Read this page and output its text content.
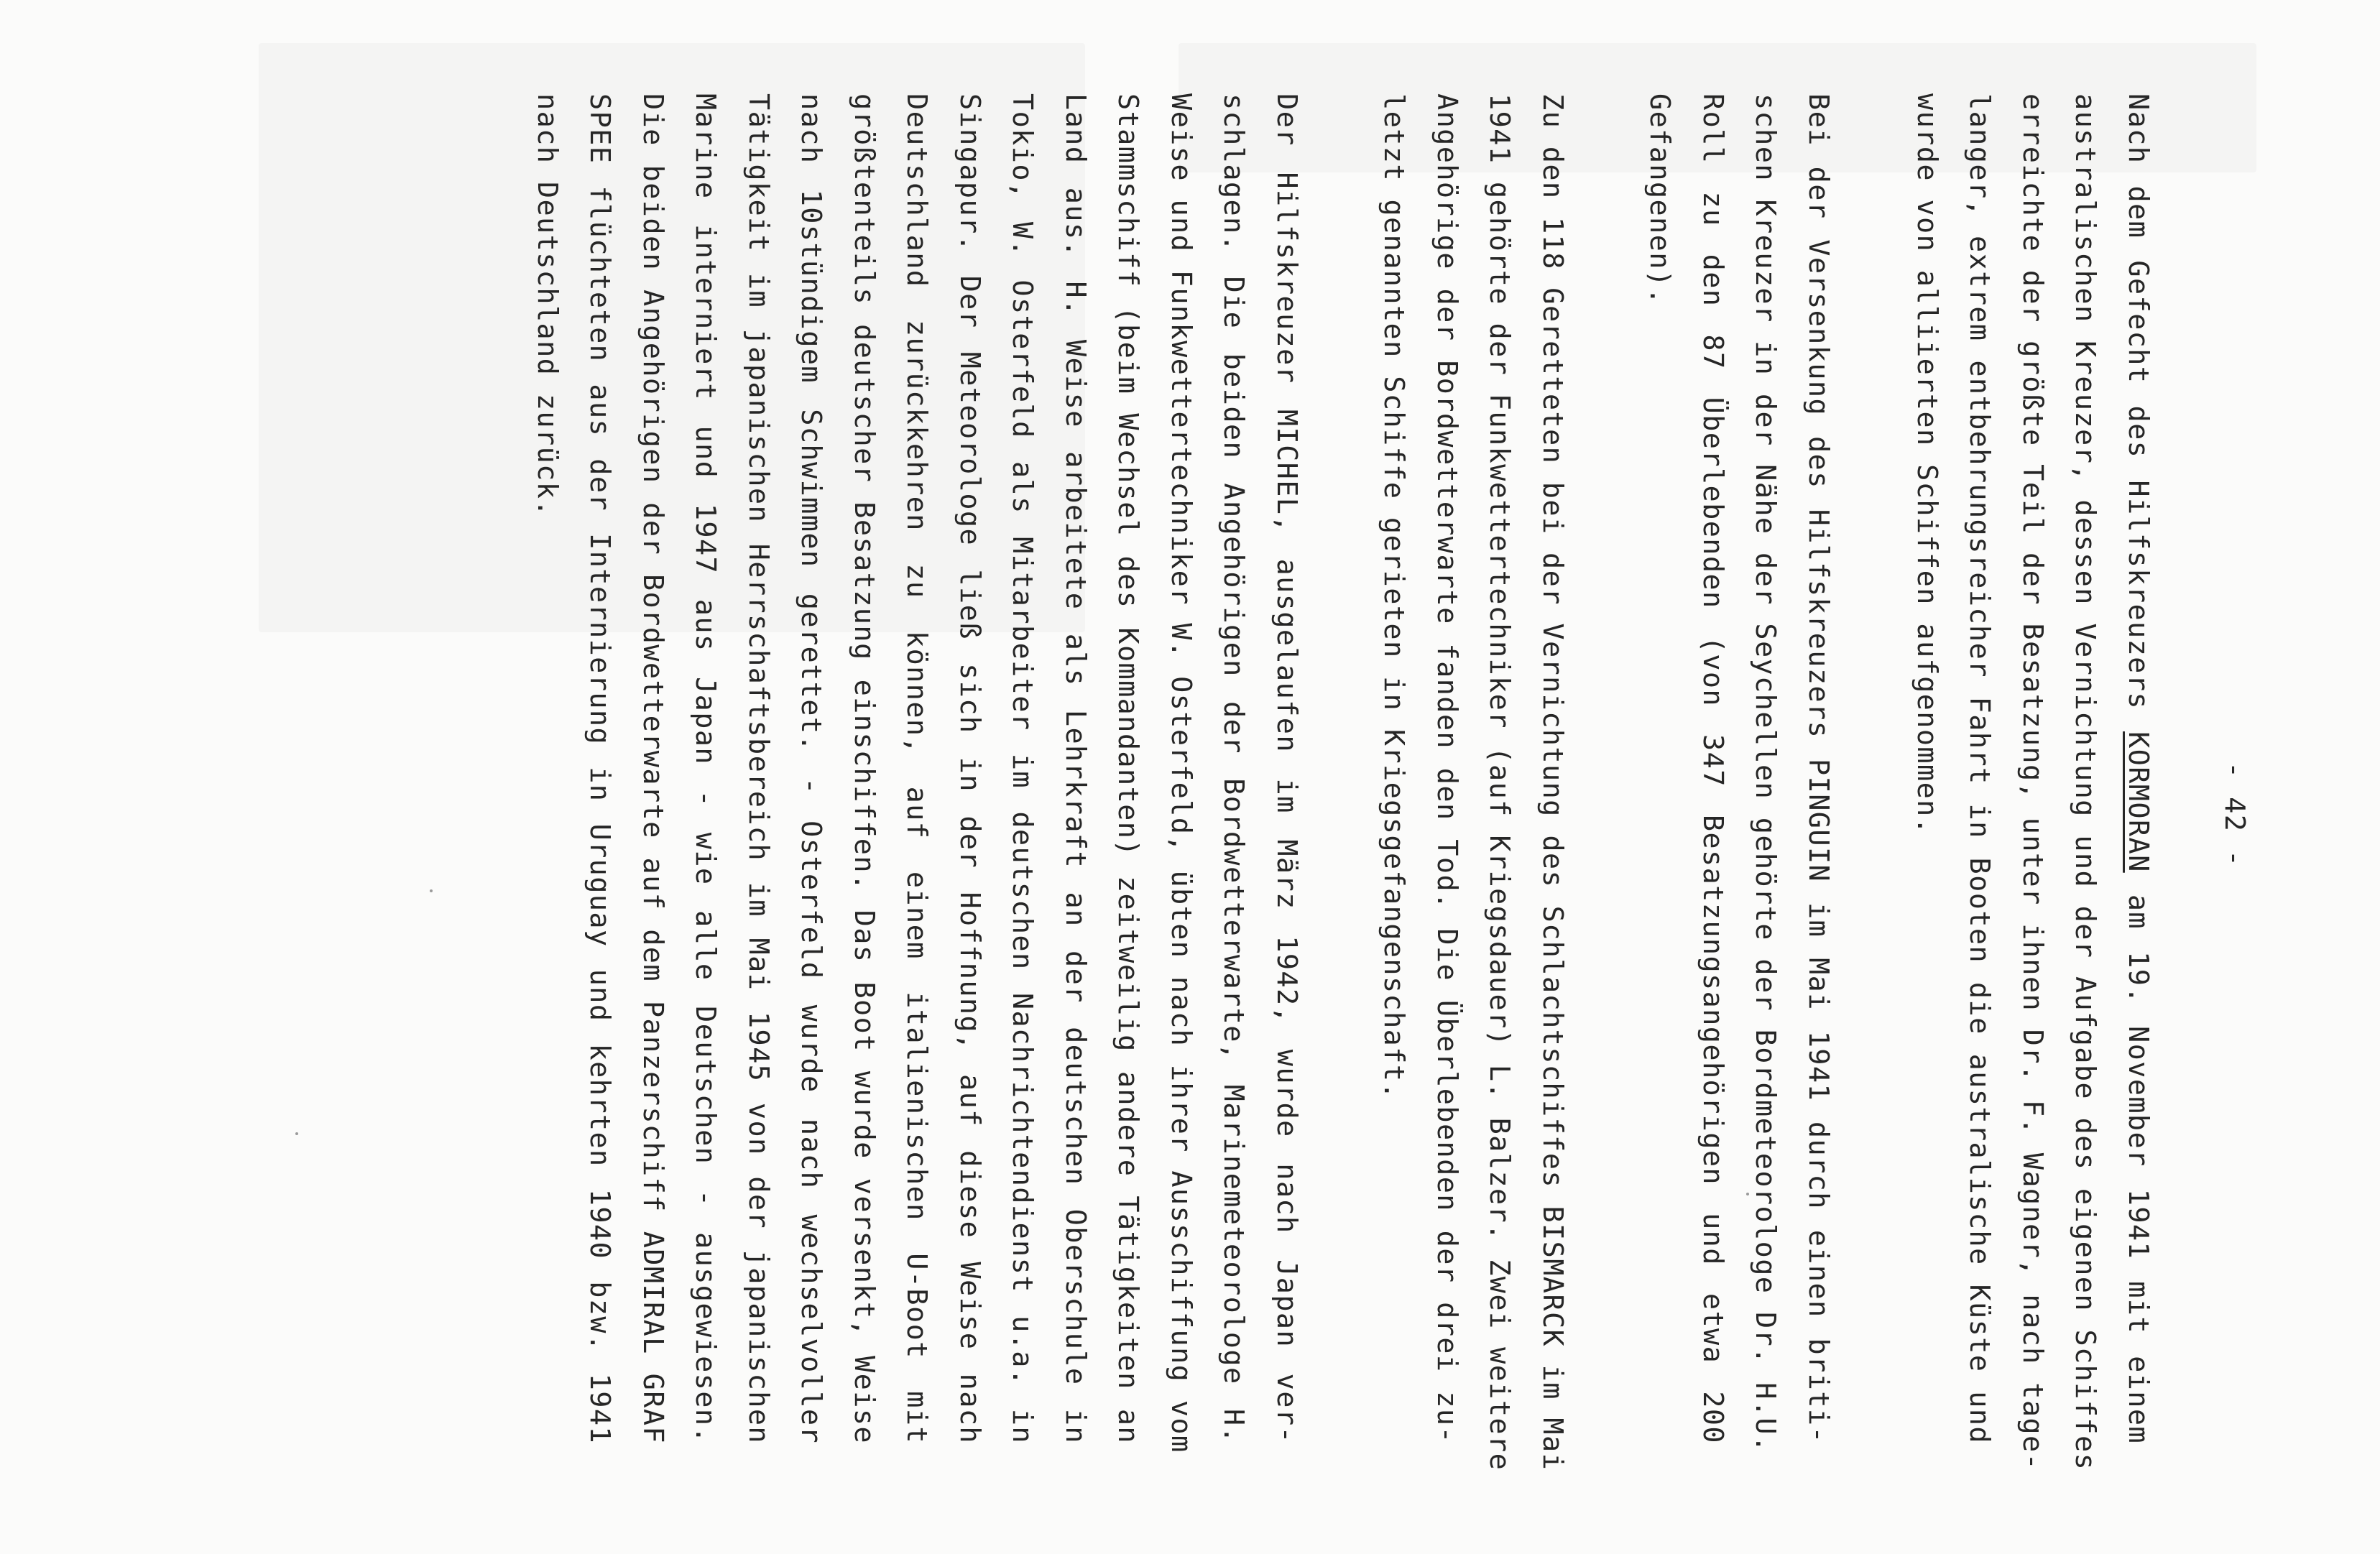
- 42 -
Nach dem Gefecht des Hilfskreuzers KORMORAN am 19. November 1941 mit einem
australischen Kreuzer, dessen Vernichtung und der Aufgabe des eigenen Schiffes
erreichte der größte Teil der Besatzung, unter ihnen Dr. F. Wagner, nach tage-
langer, extrem entbehrungsreicher Fahrt in Booten die australische Küste und
wurde von alliierten Schiffen aufgenommen.
Bei der Versenkung des Hilfskreuzers PINGUIN im Mai 1941 durch einen briti-
schen Kreuzer in der Nähe der Seychellen gehörte der Bordmeteorologe Dr. H.U.
Roll zu den 87 Überlebenden (von 347 Besatzungsangehörigen und etwa 200
Gefangenen).
Zu den 118 Geretteten bei der Vernichtung des Schlachtschiffes BISMARCK im Mai
1941 gehörte der Funkwettertechniker (auf Kriegsdauer) L. Balzer. Zwei weitere
Angehörige der Bordwetterwarte fanden den Tod. Die Überlebenden der drei zu-
letzt genannten Schiffe gerieten in Kriegsgefangenschaft.
Der Hilfskreuzer MICHEL, ausgelaufen im März 1942, wurde nach Japan ver-
schlagen. Die beiden Angehörigen der Bordwetterwarte, Marinemeteorologe H.
Weise und Funkwettertechniker W. Osterfeld, übten nach ihrer Ausschiffung vom
Stammschiff (beim Wechsel des Kommandanten) zeitweilig andere Tätigkeiten an
Land aus. H. Weise arbeitete als Lehrkraft an der deutschen Oberschule in
Tokio, W. Osterfeld als Mitarbeiter im deutschen Nachrichtendienst u.a. in
Singapur. Der Meteorologe ließ sich in der Hoffnung, auf diese Weise nach
Deutschland zurückkehren zu können, auf einem italienischen U-Boot mit
größtenteils deutscher Besatzung einschiffen. Das Boot wurde versenkt, Weise
nach 10stündigem Schwimmen gerettet. - Osterfeld wurde nach wechselvoller
Tätigkeit im japanischen Herrschaftsbereich im Mai 1945 von der japanischen
Marine interniert und 1947 aus Japan - wie alle Deutschen - ausgewiesen.
Die beiden Angehörigen der Bordwetterwarte auf dem Panzerschiff ADMIRAL GRAF
SPEE flüchteten aus der Internierung in Uruguay und kehrten 1940 bzw. 1941
nach Deutschland zurück.
